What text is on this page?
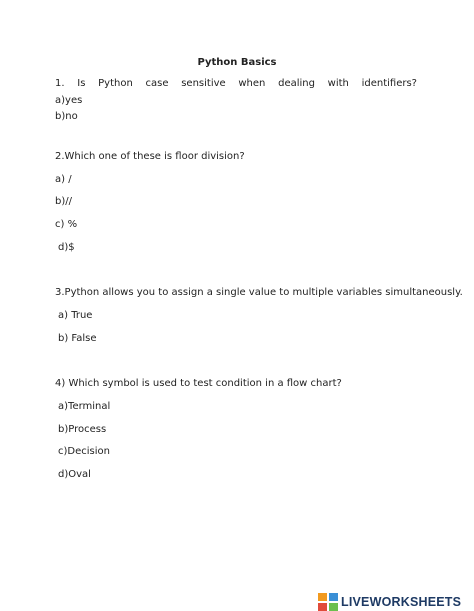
Python Basics
1. Is Python case sensitive when dealing with identifiers?
a)yes
b)no
2.Which one of these is floor division?
a) /
b)//
c) %
d)$
3.Python allows you to assign a single value to multiple variables simultaneously.
a) True
b) False
4) Which symbol is used to test condition in a flow chart?
a)Terminal
b)Process
c)Decision
d)Oval
LIVEWORKSHEETS
